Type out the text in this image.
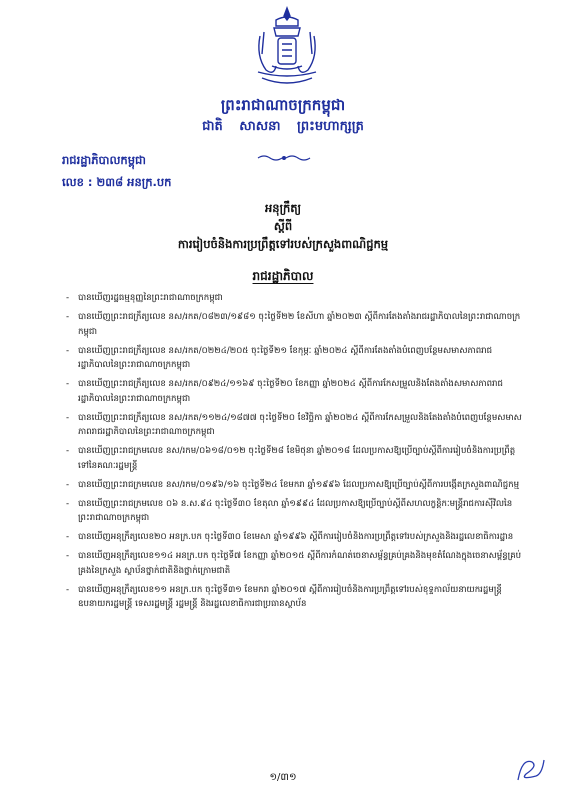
ព្រះរាជាណាចក្រកម្ពុជា
ជាតិ សាសនា ព្រះមហាក្សត្រ
រាជរដ្ឋាភិបាលកម្ពុជា
លេខ : ២៣៨ អនក្រ.បក
អនុក្រឹត្យ
ស្តីពី
ការរៀបចំនិងការប្រព្រឹត្តទៅរបស់ក្រសួងពាណិជ្ជកម្ម
រាជរដ្ឋាភិបាល
- បានឃើញរដ្ឋធម្មនុញ្ញនៃព្រះរាជាណាចក្រកម្ពុជា
- បានឃើញព្រះរាជក្រឹត្យលេខ នស/រកត/០៨២៣/១៩៨១ ចុះថ្ងៃទី២២ ខែសីហា ឆ្នាំ២០២៣ ស្តីពីការតែងតាំងរាជរដ្ឋាភិបាលនៃព្រះរាជាណាចក្រកម្ពុជា
- បានឃើញព្រះរាជក្រឹត្យលេខ នស/រកត/០២២៤/២០៥ ចុះថ្ងៃទី២១ ខែកុម្ភៈ ឆ្នាំ២០២៤ ស្តីពីការតែងតាំងបំពេញបន្ថែមសមាសភាពរាជរដ្ឋាភិបាលនៃព្រះរាជាណាចក្រកម្ពុជា
- បានឃើញព្រះរាជក្រឹត្យលេខ នស/រកត/០៩២៤/១១៦៩ ចុះថ្ងៃទី២០ ខែកញ្ញា ឆ្នាំ២០២៤ ស្តីពីការកែសម្រួលនិងតែងតាំងសមាសភាពរាជរដ្ឋាភិបាលនៃព្រះរាជាណាចក្រកម្ពុជា
- បានឃើញព្រះរាជក្រឹត្យលេខ នស/រកត/១១២៤/១៨៧៧ ចុះថ្ងៃទី២០ ខែវិច្ឆិកា ឆ្នាំ២០២៤ ស្តីពីការកែសម្រួលនិងតែងតាំងបំពេញបន្ថែមសមាសភាពរាជរដ្ឋាភិបាលនៃព្រះរាជាណាចក្រកម្ពុជា
- បានឃើញព្រះរាជក្រមលេខ នស/រកម/០៦១៨/០១២ ចុះថ្ងៃទី២៨ ខែមិថុនា ឆ្នាំ២០១៨ ដែលប្រកាសឱ្យប្រើច្បាប់ស្តីពីការរៀបចំនិងការប្រព្រឹត្តទៅនៃគណៈរដ្ឋមន្ត្រី
- បានឃើញព្រះរាជក្រមលេខ នស/រកម/០១៩៦/១៦ ចុះថ្ងៃទី២៤ ខែមករា ឆ្នាំ១៩៩៦ ដែលប្រកាសឱ្យប្រើច្បាប់ស្តីពីការបង្កើតក្រសួងពាណិជ្ជកម្ម
- បានឃើញព្រះរាជក្រមលេខ ០៦ ន.ស.៩៤ ចុះថ្ងៃទី៣០ ខែតុលា ឆ្នាំ១៩៩៤ ដែលប្រកាសឱ្យប្រើច្បាប់ស្តីពីសហលក្ខន្តិកៈមន្ត្រីរាជការស៊ីវិលនៃព្រះរាជាណាចក្រកម្ពុជា
- បានឃើញអនុក្រឹត្យលេខ២០ អនក្រ.បក ចុះថ្ងៃទី៣០ ខែមេសា ឆ្នាំ១៩៩៦ ស្តីពីការរៀបចំនិងការប្រព្រឹត្តទៅរបស់ក្រសួងនិងរដ្ឋលេខាធិការដ្ឋាន
- បានឃើញអនុក្រឹត្យលេខ១១៤ អនក្រ.បក ចុះថ្ងៃទី៧ ខែកញ្ញា ឆ្នាំ២០១៥ ស្តីពីការកំណត់ចេនាសម្ព័ន្ធគ្រប់គ្រងនិងមុខតំណែងក្នុងចេនាសម្ព័ន្ធគ្រប់គ្រងនៃក្រសួង ស្ថាប័នថ្នាក់ជាតិនិងថ្នាក់ក្រោមជាតិ
- បានឃើញអនុក្រឹត្យលេខ១១ អនក្រ.បក ចុះថ្ងៃទី៣១ ខែមករា ឆ្នាំ២០១៧ ស្តីពីការរៀបចំនិងការប្រព្រឹត្តទៅរបស់ខុទ្ទកាល័យនាយករដ្ឋមន្ត្រី ឧបនាយករដ្ឋមន្ត្រី ទេសរដ្ឋមន្ត្រី រដ្ឋមន្ត្រី និងរដ្ឋលេខាធិការជាប្រធានស្ថាប័ន
១/៣១
